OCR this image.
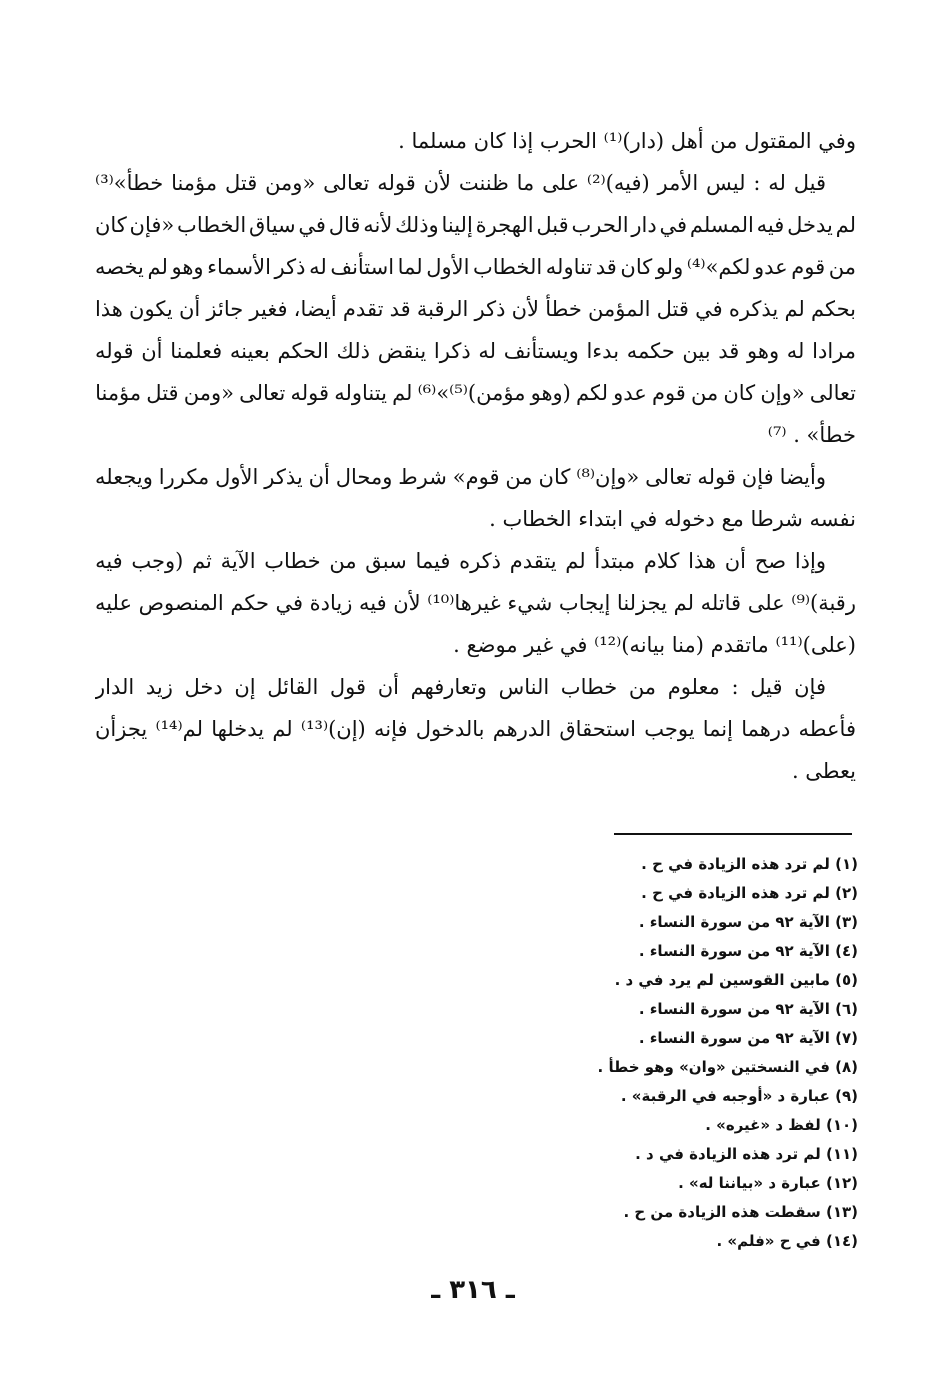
وفي المقتول من أهل (دار)⁽¹⁾ الحرب إذا كان مسلما .
قيل له : ليس الأمر (فيه)⁽²⁾ على ما ظننت لأن قوله تعالى «ومن قتل مؤمنا خطأ»⁽³⁾
لم يدخل فيه المسلم في دار الحرب قبل الهجرة إلينا وذلك لأنه قال في سياق الخطاب «فإن كان
من قوم عدو لكم»⁽⁴⁾ ولو كان قد تناوله الخطاب الأول لما استأنف له ذكر الأسماء وهو لم يخصه
بحكم لم يذكره في قتل المؤمن خطأ لأن ذكر الرقبة قد تقدم أيضا، فغير جائز أن يكون هذا
مرادا له وهو قد بين حكمه بدءا ويستأنف له ذكرا ينقض ذلك الحكم بعينه فعلمنا أن قوله
تعالى «وإن كان من قوم عدو لكم (وهو مؤمن)⁽⁵⁾»⁽⁶⁾ لم يتناوله قوله تعالى «ومن قتل مؤمنا
خطأ» . ⁽⁷⁾
وأيضا فإن قوله تعالى «وإن⁽⁸⁾ كان من قوم» شرط ومحال أن يذكر الأول مكررا ويجعله
نفسه شرطا مع دخوله في ابتداء الخطاب .
وإذا صح أن هذا كلام مبتدأ لم يتقدم ذكره فيما سبق من خطاب الآية ثم (وجب فيه
رقبة)⁽⁹⁾ على قاتله لم يجزلنا إيجاب شيء غيرها⁽¹⁰⁾ لأن فيه زيادة في حكم المنصوص عليه
(على)⁽¹¹⁾ ماتقدم (منا بيانه)⁽¹²⁾ في غير موضع .
فإن قيل : معلوم من خطاب الناس وتعارفهم أن قول القائل إن دخل زيد الدار
فأعطه درهما إنما يوجب استحقاق الدرهم بالدخول فإنه (إن)⁽¹³⁾ لم يدخلها لم⁽¹⁴⁾ يجزأن
يعطى .
(١) لم ترد هذه الزيادة في ح .
(٢) لم ترد هذه الزيادة في ح .
(٣) الآية ٩٢ من سورة النساء .
(٤) الآية ٩٢ من سورة النساء .
(٥) مابين القوسين لم يرد في د .
(٦) الآية ٩٢ من سورة النساء .
(٧) الآية ٩٢ من سورة النساء .
(٨) في النسختين «وان» وهو خطأ .
(٩) عبارة د «أوجبه في الرقبة» .
(١٠) لفظ د «غيره» .
(١١) لم ترد هذه الزيادة في د .
(١٢) عبارة د «بياننا له» .
(١٣) سقطت هذه الزيادة من ح .
(١٤) في ح «فلم» .
ـ ٣١٦ ـ
